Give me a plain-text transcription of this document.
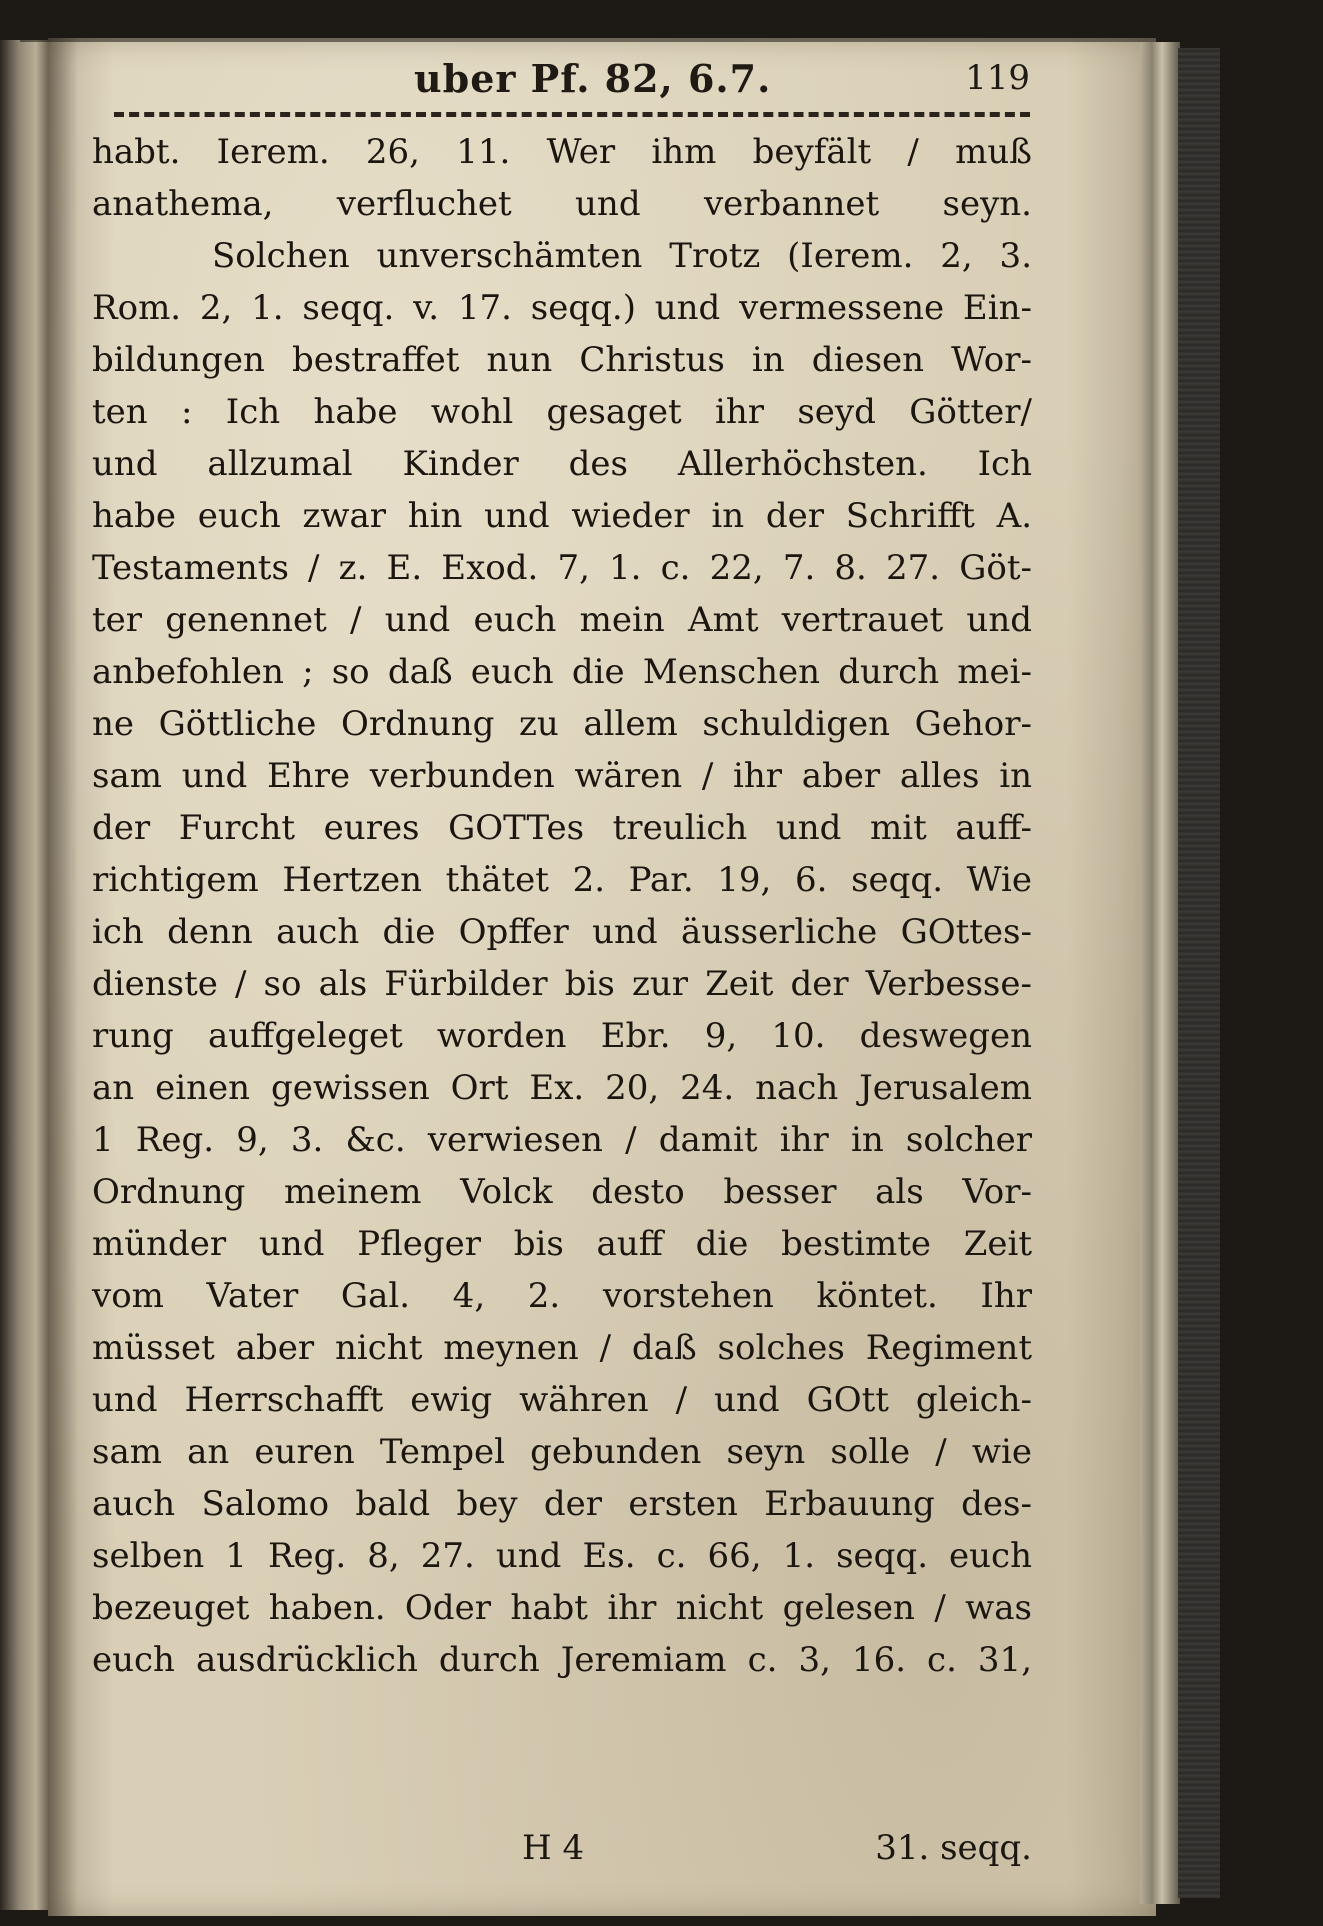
uber Pf. 82, 6.7.	119
habt. Ierem. 26, 11. Wer ihm beyfält / muß
anathema, verfluchet und verbannet seyn.
Solchen unverschämten Trotz (Ierem. 2, 3.
Rom. 2, 1. seqq. v. 17. seqq.) und vermessene Ein-
bildungen bestraffet nun Christus in diesen Wor-
ten : Ich habe wohl gesaget ihr seyd Götter/
und allzumal Kinder des Allerhöchsten. Ich
habe euch zwar hin und wieder in der Schrifft A.
Testaments / z. E. Exod. 7, 1. c. 22, 7. 8. 27. Göt-
ter genennet / und euch mein Amt vertrauet und
anbefohlen ; so daß euch die Menschen durch mei-
ne Göttliche Ordnung zu allem schuldigen Gehor-
sam und Ehre verbunden wären / ihr aber alles in
der Furcht eures GOTTes treulich und mit auff-
richtigem Hertzen thätet 2. Par. 19, 6. seqq. Wie
ich denn auch die Opffer und äusserliche GOttes-
dienste / so als Fürbilder bis zur Zeit der Verbesse-
rung auffgeleget worden Ebr. 9, 10. deswegen
an einen gewissen Ort Ex. 20, 24. nach Jerusalem
1 Reg. 9, 3. &c. verwiesen / damit ihr in solcher
Ordnung meinem Volck desto besser als Vor-
münder und Pfleger bis auff die bestimte Zeit
vom Vater Gal. 4, 2. vorstehen köntet. Ihr
müsset aber nicht meynen / daß solches Regiment
und Herrschafft ewig währen / und GOtt gleich-
sam an euren Tempel gebunden seyn solle / wie
auch Salomo bald bey der ersten Erbauung des-
selben 1 Reg. 8, 27. und Es. c. 66, 1. seqq. euch
bezeuget haben. Oder habt ihr nicht gelesen / was
euch ausdrücklich durch Jeremiam c. 3, 16. c. 31,
H 4	31. seqq.
